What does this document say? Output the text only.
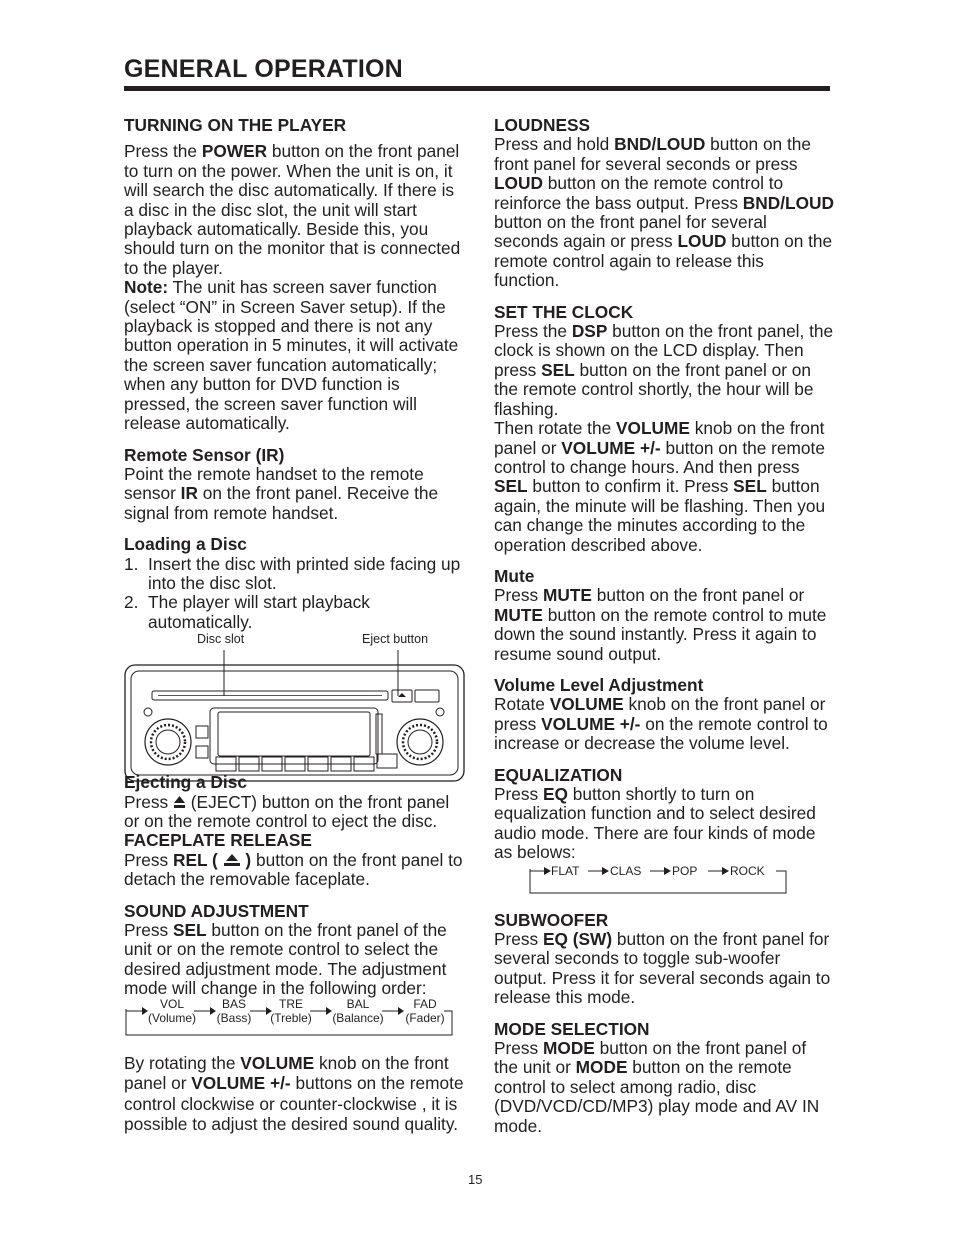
GENERAL OPERATION
TURNING ON THE PLAYER
Press the POWER button on the front panel to turn on the power. When the unit is on, it will search the disc automatically. If there is a disc in the disc slot, the unit will start playback automatically. Beside this, you should turn on the monitor that is connected to the player.
Note: The unit has screen saver function (select “ON” in Screen Saver setup). If the playback is stopped and there is not any button operation in 5 minutes, it will activate the screen saver funcation automatically; when any button for DVD function is pressed, the screen saver function will release automatically.
Remote Sensor (IR)
Point the remote handset to the remote sensor IR on the front panel. Receive the signal from remote handset.
Loading a Disc
1. Insert the disc with printed side facing up into the disc slot.
2. The player will start playback automatically.
Disc slot	Eject button
Ejecting a Disc
Press  (EJECT) button on the front panel or on the remote control to eject the disc.
FACEPLATE RELEASE
Press REL (  ) button on the front panel to detach the removable faceplate.
SOUND ADJUSTMENT
Press SEL button on the front panel of the unit or on the remote control to select the desired adjustment mode. The adjustment mode will change in the following order:
VOL
(Volume)
BAS
(Bass)
TRE
(Treble)
BAL
(Balance)
FAD
(Fader)
By rotating the VOLUME knob on the front panel or VOLUME +/- buttons on the remote control clockwise or counter-clockwise , it is possible to adjust the desired sound quality.
LOUDNESS
Press and hold BND/LOUD button on the front panel for several seconds or press LOUD button on the remote control to reinforce the bass output. Press BND/LOUD button on the front panel for several seconds again or press LOUD button on the remote control again to release this function.
SET THE CLOCK
Press the DSP button on the front panel, the clock is shown on the LCD display. Then press SEL button on the front panel or on the remote control shortly, the hour will be flashing.
Then rotate the VOLUME knob on the front panel or VOLUME +/- button on the remote control to change hours. And then press SEL button to confirm it. Press SEL button again, the minute will be flashing. Then you can change the minutes according to the operation described above.
Mute
Press MUTE button on the front panel or MUTE button on the remote control to mute down the sound instantly. Press it again to resume sound output.
Volume Level Adjustment
Rotate VOLUME knob on the front panel or press VOLUME +/- on the remote control to increase or decrease the volume level.
EQUALIZATION
Press EQ button shortly to turn on equalization function and to select desired audio mode. There are four kinds of mode as belows:
FLAT	CLAS	POP	ROCK
SUBWOOFER
Press EQ (SW) button on the front panel for several seconds to toggle sub-woofer output. Press it for several seconds again to release this mode.
MODE SELECTION
Press MODE button on the front panel of the unit or MODE button on the remote control to select among radio, disc (DVD/VCD/CD/MP3) play mode and AV IN mode.
15
